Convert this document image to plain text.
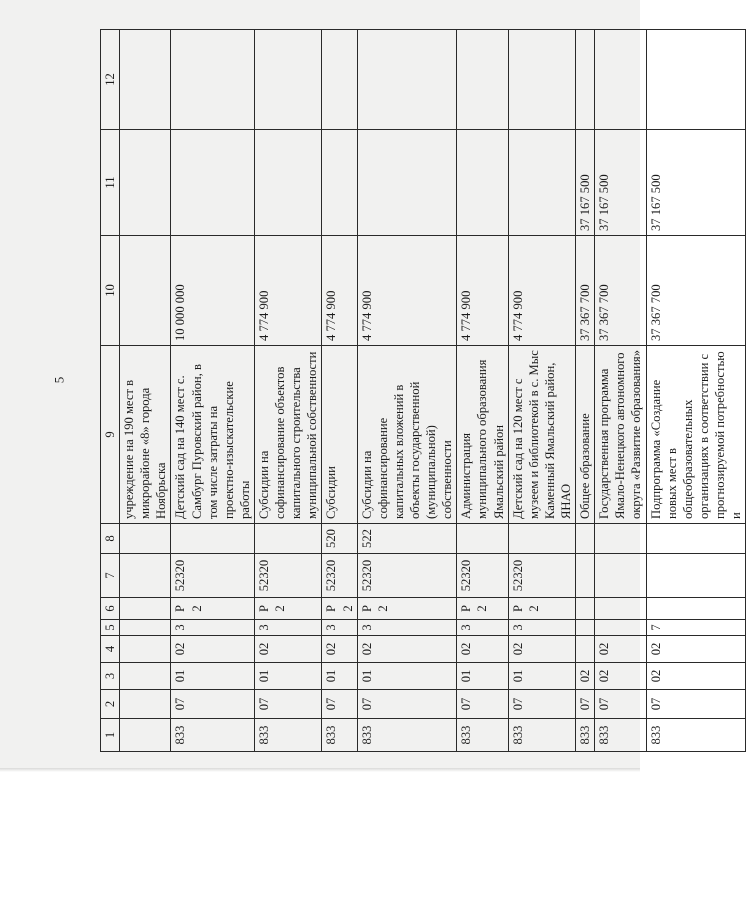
5
1	2	3	4	5	6	7	8	9	10	11	12
								учреждение на 190 мест в микрорайоне «8» города Ноябрьска			
833	07	01	02	3	P2	52320		Детский сад на 140 мест с. Самбург Пуровский район, в том числе затраты на проектно-изыскательские работы	10 000 000		
833	07	01	02	3	P2	52320		Субсидии на софинансирование объектов капитального строительства муниципальной собственности	4 774 900		
833	07	01	02	3	P2	52320	520	Субсидии	4 774 900		
833	07	01	02	3	P2	52320	522	Субсидии на софинансирование капитальных вложений в объекты государственной (муниципальной) собственности	4 774 900		
833	07	01	02	3	P2	52320		Администрация муниципального образования Ямальский район	4 774 900		
833	07	01	02	3	P2	52320		Детский сад на 120 мест с музеем и библиотекой в с. Мыс Каменный Ямальский район, ЯНАО	4 774 900		
833	07	02						Общее образование	37 367 700	37 167 500	
833	07	02	02					Государственная программа Ямало-Ненецкого автономного округа «Развитие образования»	37 367 700	37 167 500	
833	07	02	02	7				Подпрограмма «Создание новых мест в общеобразовательных организациях в соответствии с прогнозируемой потребностью и	37 367 700	37 167 500	
